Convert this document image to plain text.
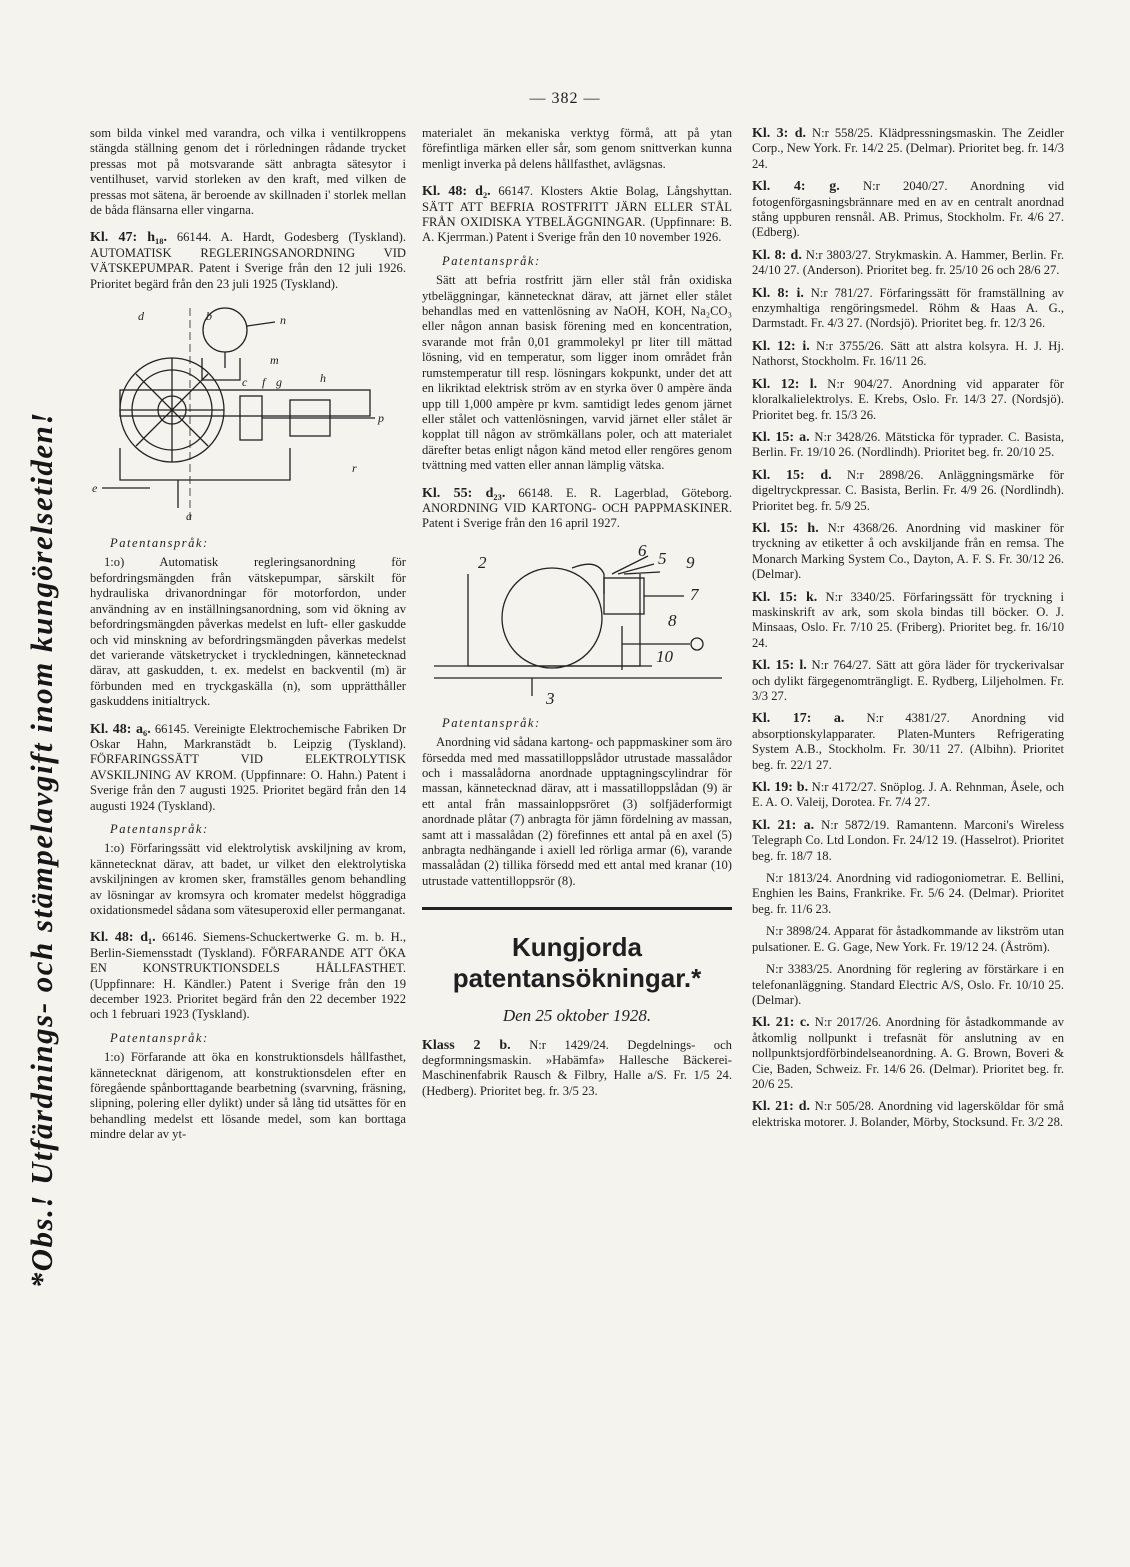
— 382 —
*Obs.! Utfärdnings- och stämpelavgift inom kungörelsetiden!

som bilda vinkel med varandra, och vilka i ventilkroppens stängda ställning genom det i rörledningen rådande trycket pressas mot på motsvarande sätt anbragta sätesytor i ventilhuset, varvid storleken av den kraft, med vilken de pressas mot sätena, är beroende av skillnaden i' storlek mellan de båda flänsarna eller vingarna.

Kl. 47: h₁₈. 66144. A. Hardt, Godesberg (Tyskland). AUTOMATISK REGLERINGSANORDNING VID VÄTSKEPUMPAR. Patent i Sverige från den 12 juli 1926. Prioritet begärd från den 23 juli 1925 (Tyskland).

d	b	n
m
c f g	h
p
r
e
a

Patentanspråk:

1:o) Automatisk regleringsanordning för befordringsmängden från vätskepumpar, särskilt för hydrauliska drivanordningar för motorfordon, under användning av en inställningsanordning, som vid ökning av befordringsmängden påverkas medelst en luft- eller gaskudde och vid minskning av befordringsmängden påverkas medelst det varierande vätsketrycket i tryckledningen, kännetecknad därav, att gaskudden, t. ex. medelst en backventil (m) är förbunden med en tryckgaskälla (n), som upprätthåller gaskuddens initialtryck.

Kl. 48: a₆. 66145. Vereinigte Elektrochemische Fabriken Dr Oskar Hahn, Markranstädt b. Leipzig (Tyskland). FÖRFARINGSSÄTT VID ELEKTROLYTISK AVSKILJNING AV KROM. (Uppfinnare: O. Hahn.) Patent i Sverige från den 7 augusti 1925. Prioritet begärd från den 14 augusti 1924 (Tyskland).

Patentanspråk:

1:o) Förfaringssätt vid elektrolytisk avskiljning av krom, kännetecknat därav, att badet, ur vilket den elektrolytiska avskiljningen av kromen sker, framställes genom behandling av lösningar av kromsyra och kromater medelst höggradiga oxidationsmedel sådana som vätesuperoxid eller permanganat.

Kl. 48: d₁. 66146. Siemens-Schuckertwerke G. m. b. H., Berlin-Siemensstadt (Tyskland). FÖRFARANDE ATT ÖKA EN KONSTRUKTIONSDELS HÅLLFASTHET. (Uppfinnare: H. Kändler.) Patent i Sverige från den 19 december 1923. Prioritet begärd från den 22 december 1922 och 1 februari 1923 (Tyskland).

Patentanspråk:

1:o) Förfarande att öka en konstruktionsdels hållfasthet, kännetecknat därigenom, att konstruktionsdelen efter en föregående spånborttagande bearbetning (svarvning, fräsning, slipning, polering eller dylikt) under så lång tid utsättes för en behandling medelst ett lösande medel, som kan borttaga mindre delar av yt-

materialet än mekaniska verktyg förmå, att på ytan förefintliga märken eller sår, som genom snittverkan kunna menligt inverka på delens hållfasthet, avlägsnas.

Kl. 48: d₂. 66147. Klosters Aktie Bolag, Långshyttan. SÄTT ATT BEFRIA ROSTFRITT JÄRN ELLER STÅL FRÅN OXIDISKA YTBELÄGGNINGAR. (Uppfinnare: B. A. Kjerrman.) Patent i Sverige från den 10 november 1926.

Patentanspråk:

Sätt att befria rostfritt järn eller stål från oxidiska ytbeläggningar, kännetecknat därav, att järnet eller stålet behandlas med en vattenlösning av NaOH, KOH, Na₂CO₃ eller någon annan basisk förening med en koncentration, svarande mot från 0,01 grammolekyl pr liter till mättad lösning, vid en temperatur, som ligger inom området från rumstemperatur till resp. lösningars kokpunkt, under det att en likriktad elektrisk ström av en styrka över 0 ampère ända upp till 1,000 ampère pr kvm. samtidigt ledes genom järnet eller stålet och vattenlösningen, varvid järnet eller stålet är kopplat till någon av strömkällans poler, och att materialet därefter betas enligt någon känd metod eller rengöres genom tvättning med vatten eller annan lämplig vätska.

Kl. 55: d₂₃. 66148. E. R. Lagerblad, Göteborg. ANORDNING VID KARTONG- OCH PAPPMASKINER. Patent i Sverige från den 16 april 1927.

2
6 5 9
7
8
10
3

Patentanspråk:

Anordning vid sådana kartong- och pappmaskiner som äro försedda med med massatilloppslådor utrustade massalådor och i massalådorna anordnade upptagningscylindrar för massan, kännetecknad därav, att i massatilloppslådan (9) är ett antal från massainloppsröret (3) solfjäderformigt anordnade plåtar (7) anbragta för jämn fördelning av massan, samt att i massalådan (2) förefinnes ett antal på en axel (5) anbragta nedhängande i axiell led rörliga armar (6), varande massalådan (2) tillika försedd med ett antal med kranar (10) utrustade vattentilloppsrör (8).

Kungjorda patentansökningar.*

Den 25 oktober 1928.

Klass 2 b. N:r 1429/24. Degdelnings- och degformningsmaskin. »Habämfa» Hallesche Bäckerei-Maschinenfabrik Rausch & Filbry, Halle a/S. Fr. 1/5 24. (Hedberg). Prioritet beg. fr. 3/5 23.

Kl. 3: d. N:r 558/25. Klädpressningsmaskin. The Zeidler Corp., New York. Fr. 14/2 25. (Delmar). Prioritet beg. fr. 14/3 24.

Kl. 4: g. N:r 2040/27. Anordning vid fotogenförgasningsbrännare med en av en centralt anordnad stång uppburen rensnål. AB. Primus, Stockholm. Fr. 4/6 27. (Edberg).

Kl. 8: d. N:r 3803/27. Strykmaskin. A. Hammer, Berlin. Fr. 24/10 27. (Anderson). Prioritet beg. fr. 25/10 26 och 28/6 27.

Kl. 8: i. N:r 781/27. Förfaringssätt för framställning av enzymhaltiga rengöringsmedel. Röhm & Haas A. G., Darmstadt. Fr. 4/3 27. (Nordsjö). Prioritet beg. fr. 12/3 26.

Kl. 12: i. N:r 3755/26. Sätt att alstra kolsyra. H. J. Hj. Nathorst, Stockholm. Fr. 16/11 26.

Kl. 12: l. N:r 904/27. Anordning vid apparater för kloralkalielektrolys. E. Krebs, Oslo. Fr. 14/3 27. (Nordsjö). Prioritet beg. fr. 15/3 26.

Kl. 15: a. N:r 3428/26. Mätsticka för typrader. C. Basista, Berlin. Fr. 19/10 26. (Nordlindh). Prioritet beg. fr. 20/10 25.

Kl. 15: d. N:r 2898/26. Anläggningsmärke för digeltryckpressar. C. Basista, Berlin. Fr. 4/9 26. (Nordlindh). Prioritet beg. fr. 5/9 25.

Kl. 15: h. N:r 4368/26. Anordning vid maskiner för tryckning av etiketter å och avskiljande från en remsa. The Monarch Marking System Co., Dayton, A. F. S. Fr. 30/12 26. (Delmar).

Kl. 15: k. N:r 3340/25. Förfaringssätt för tryckning i maskinskrift av ark, som skola bindas till böcker. O. J. Minsaas, Oslo. Fr. 7/10 25. (Friberg). Prioritet beg. fr. 16/10 24.

Kl. 15: l. N:r 764/27. Sätt att göra läder för tryckerivalsar och dylikt färgegenomträngligt. E. Rydberg, Liljeholmen. Fr. 3/3 27.

Kl. 17: a. N:r 4381/27. Anordning vid absorptionskylapparater. Platen-Munters Refrigerating System A.B., Stockholm. Fr. 30/11 27. (Albihn). Prioritet beg. fr. 22/1 27.

Kl. 19: b. N:r 4172/27. Snöplog. J. A. Rehnman, Åsele, och E. A. O. Valeij, Dorotea. Fr. 7/4 27.

Kl. 21: a. N:r 5872/19. Ramantenn. Marconi's Wireless Telegraph Co. Ltd London. Fr. 24/12 19. (Hasselrot). Prioritet beg. fr. 18/7 18.

N:r 1813/24. Anordning vid radiogoniometrar. E. Bellini, Enghien les Bains, Frankrike. Fr. 5/6 24. (Delmar). Prioritet beg. fr. 11/6 23.

N:r 3898/24. Apparat för åstadkommande av likström utan pulsationer. E. G. Gage, New York. Fr. 19/12 24. (Åström).

N:r 3383/25. Anordning för reglering av förstärkare i en telefonanläggning. Standard Electric A/S, Oslo. Fr. 10/10 25. (Delmar).

Kl. 21: c. N:r 2017/26. Anordning för åstadkommande av åtkomlig nollpunkt i trefasnät för anslutning av en nollpunktsjordförbindelseanordning. A. G. Brown, Boveri & Cie, Baden, Schweiz. Fr. 14/6 26. (Delmar). Prioritet beg. fr. 20/6 25.

Kl. 21: d. N:r 505/28. Anordning vid lagersköldar för små elektriska motorer. J. Bolander, Mörby, Stocksund. Fr. 3/2 28.
